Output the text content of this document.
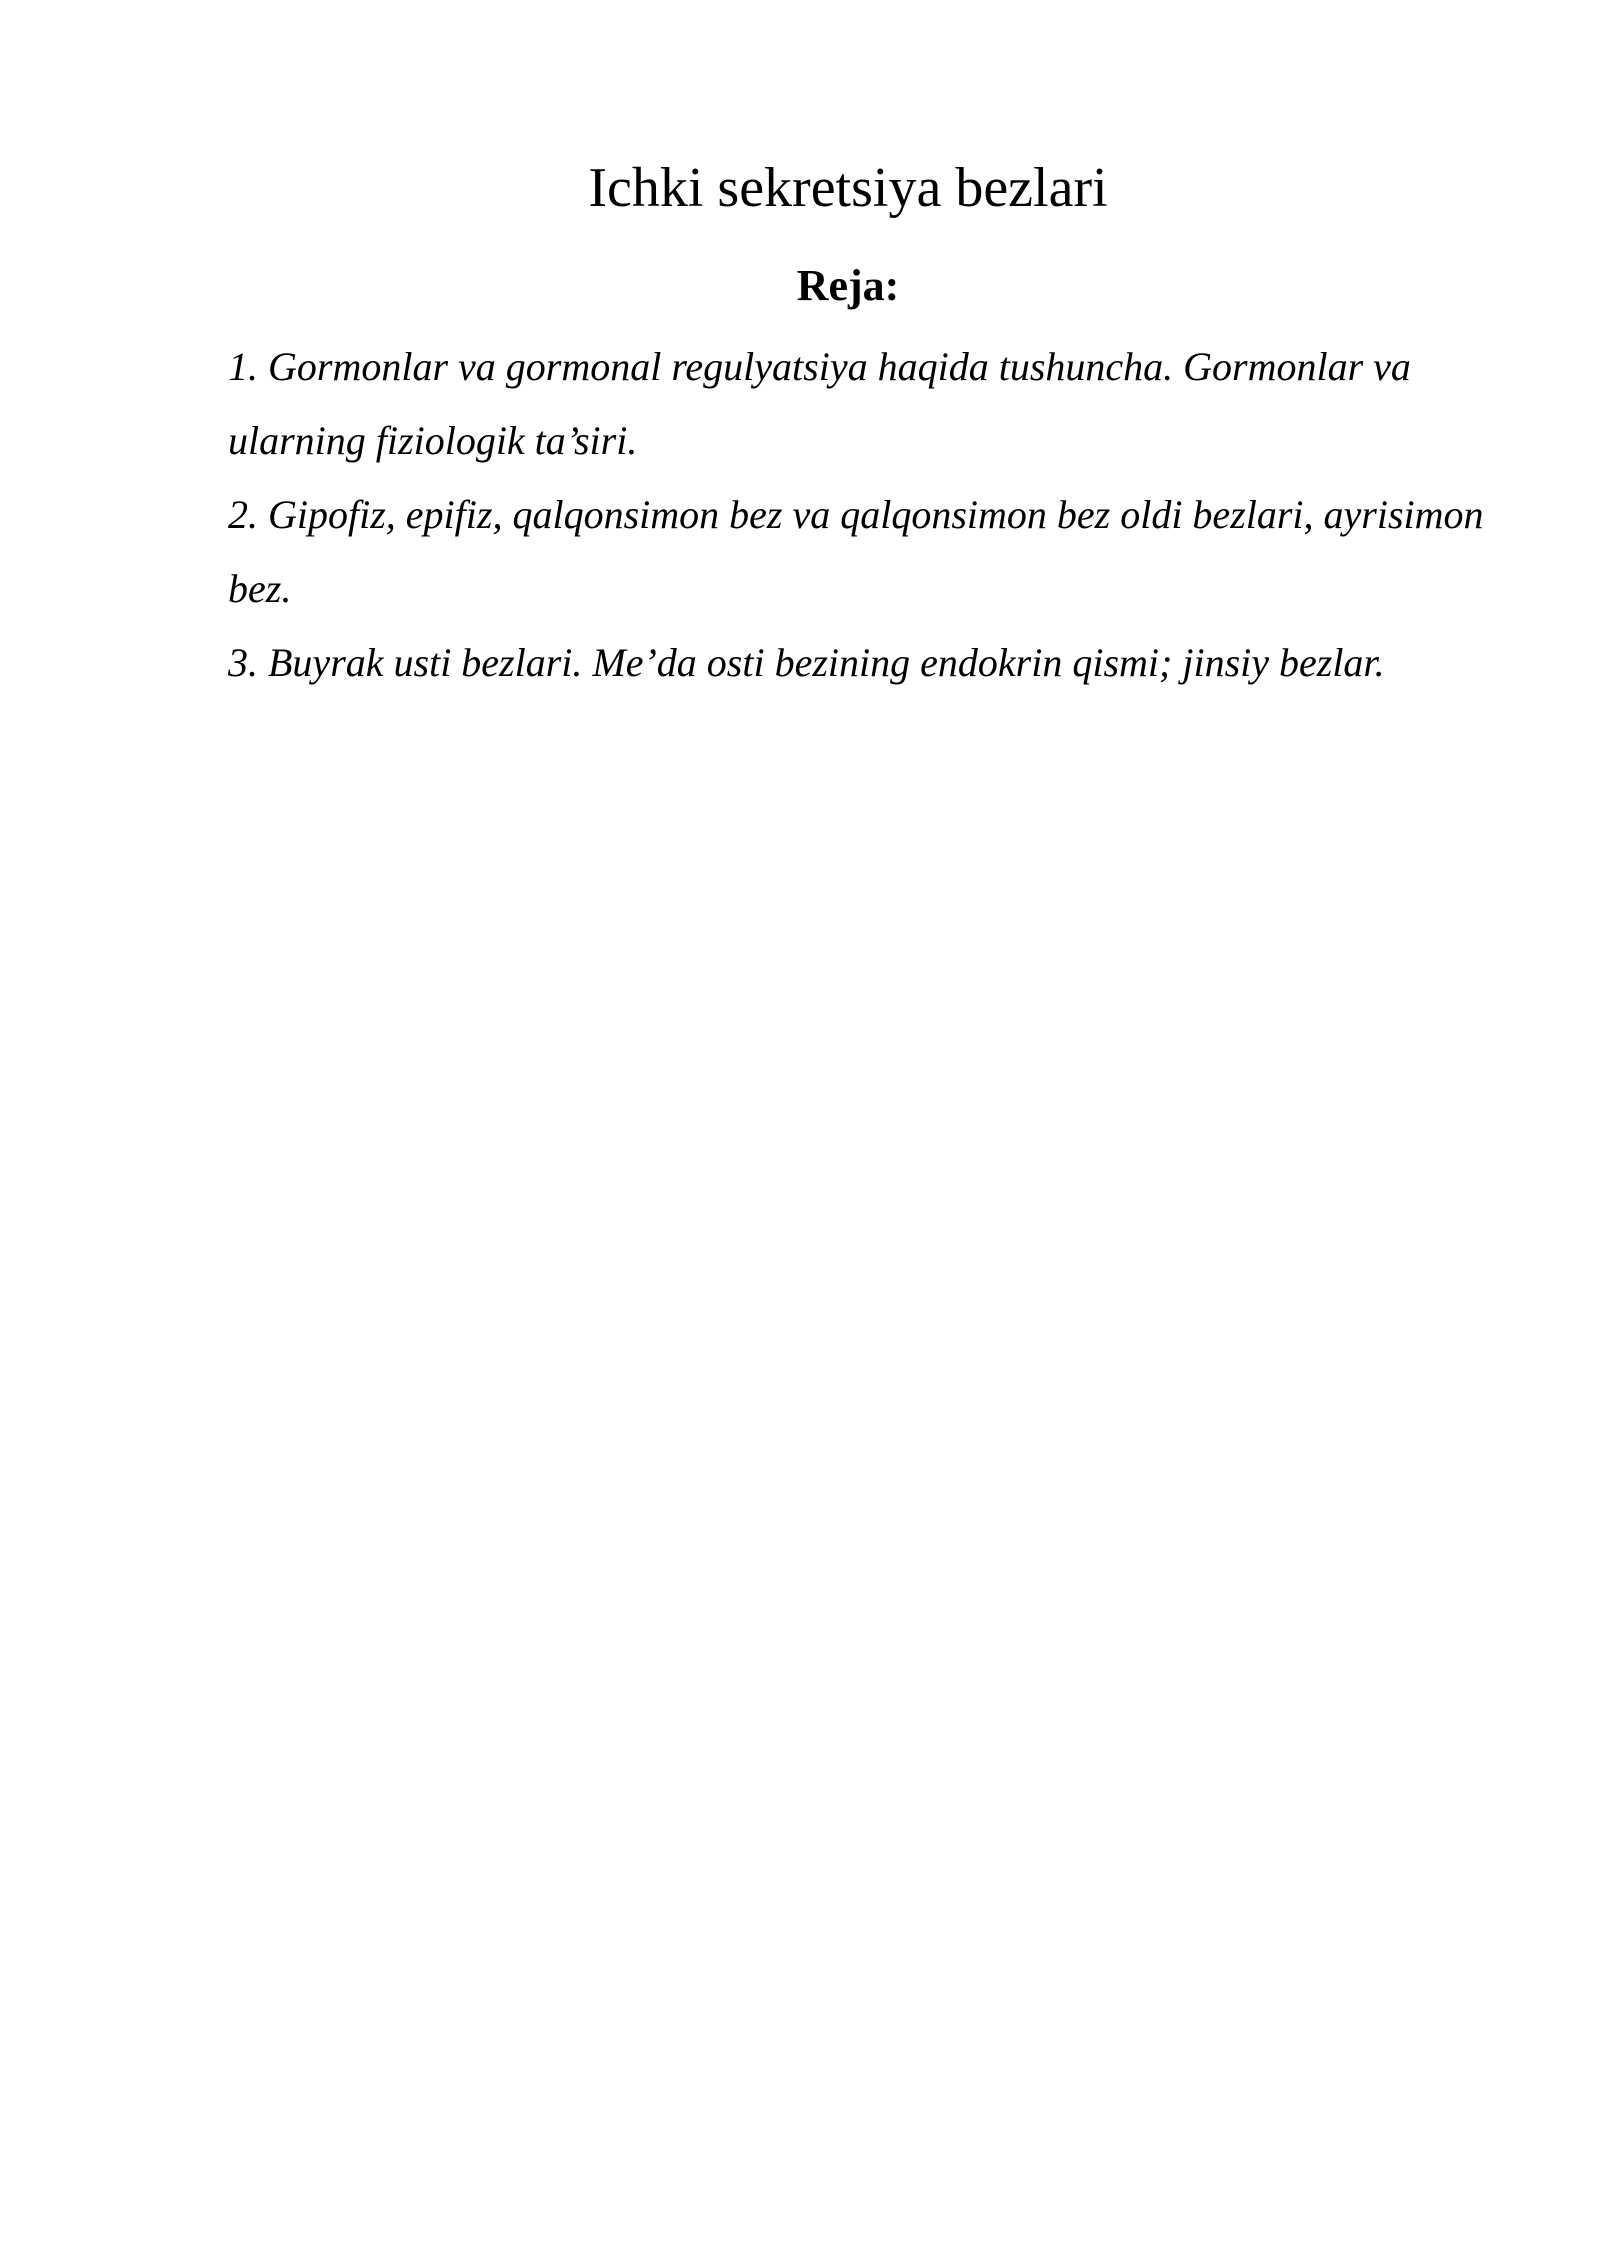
Ichki sekretsiya bezlari
Reja:
1. Gormonlar va gormonal regulyatsiya haqida tushuncha. Gormonlar va ularning fiziologik ta’siri.
2. Gipofiz, epifiz, qalqonsimon bez va qalqonsimon bez oldi bezlari, ayrisimon bez.
3. Buyrak usti bezlari. Me’da osti bezining endokrin qismi; jinsiy bezlar.
